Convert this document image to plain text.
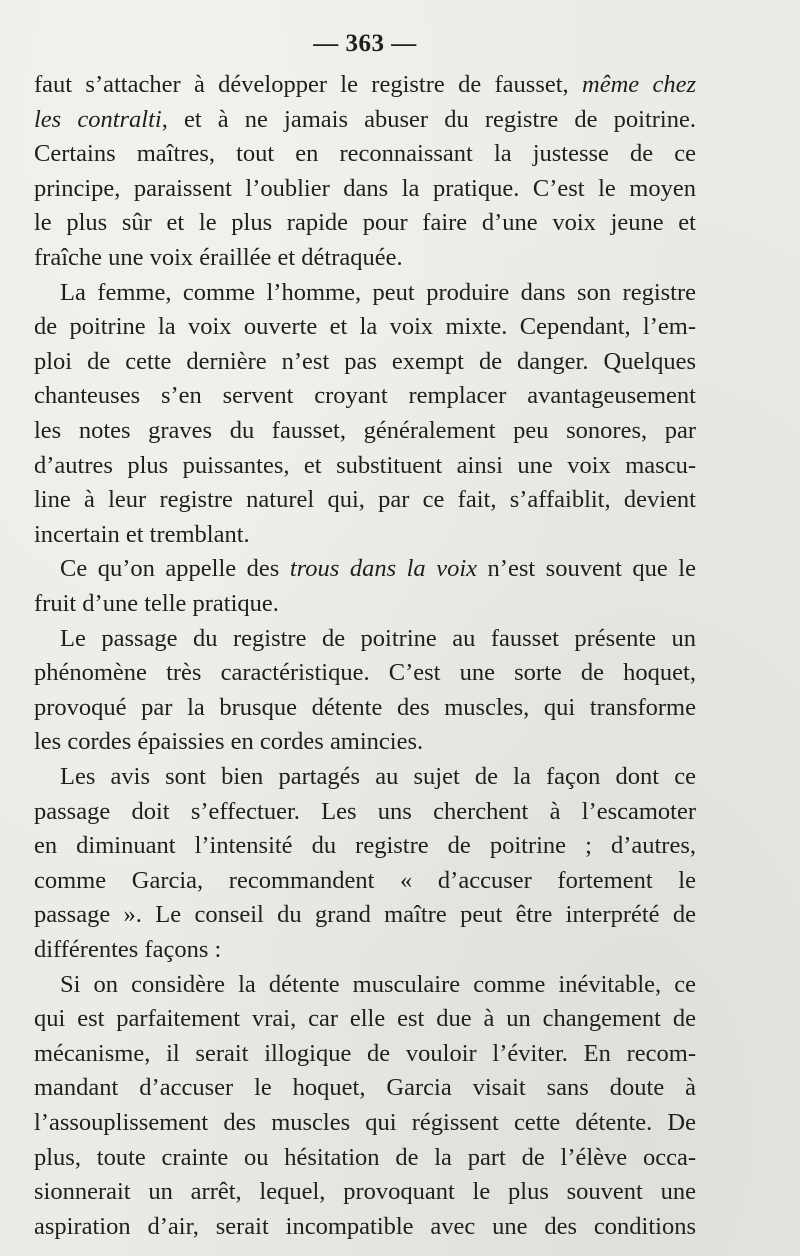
— 363 —
faut s’attacher à développer le registre de fausset, même chez
les contralti, et à ne jamais abuser du registre de poitrine.
Certains maîtres, tout en reconnaissant la justesse de ce
principe, paraissent l’oublier dans la pratique. C’est le moyen
le plus sûr et le plus rapide pour faire d’une voix jeune et
fraîche une voix éraillée et détraquée.
La femme, comme l’homme, peut produire dans son registre
de poitrine la voix ouverte et la voix mixte. Cependant, l’em-
ploi de cette dernière n’est pas exempt de danger. Quelques
chanteuses s’en servent croyant remplacer avantageusement
les notes graves du fausset, généralement peu sonores, par
d’autres plus puissantes, et substituent ainsi une voix mascu-
line à leur registre naturel qui, par ce fait, s’affaiblit, devient
incertain et tremblant.
Ce qu’on appelle des trous dans la voix n’est souvent que le
fruit d’une telle pratique.
Le passage du registre de poitrine au fausset présente un
phénomène très caractéristique. C’est une sorte de hoquet,
provoqué par la brusque détente des muscles, qui transforme
les cordes épaissies en cordes amincies.
Les avis sont bien partagés au sujet de la façon dont ce
passage doit s’effectuer. Les uns cherchent à l’escamoter
en diminuant l’intensité du registre de poitrine ; d’autres,
comme Garcia, recommandent « d’accuser fortement le
passage ». Le conseil du grand maître peut être interprété de
différentes façons :
Si on considère la détente musculaire comme inévitable, ce
qui est parfaitement vrai, car elle est due à un changement de
mécanisme, il serait illogique de vouloir l’éviter. En recom-
mandant d’accuser le hoquet, Garcia visait sans doute à
l’assouplissement des muscles qui régissent cette détente. De
plus, toute crainte ou hésitation de la part de l’élève occa-
sionnerait un arrêt, lequel, provoquant le plus souvent une
aspiration d’air, serait incompatible avec une des conditions
